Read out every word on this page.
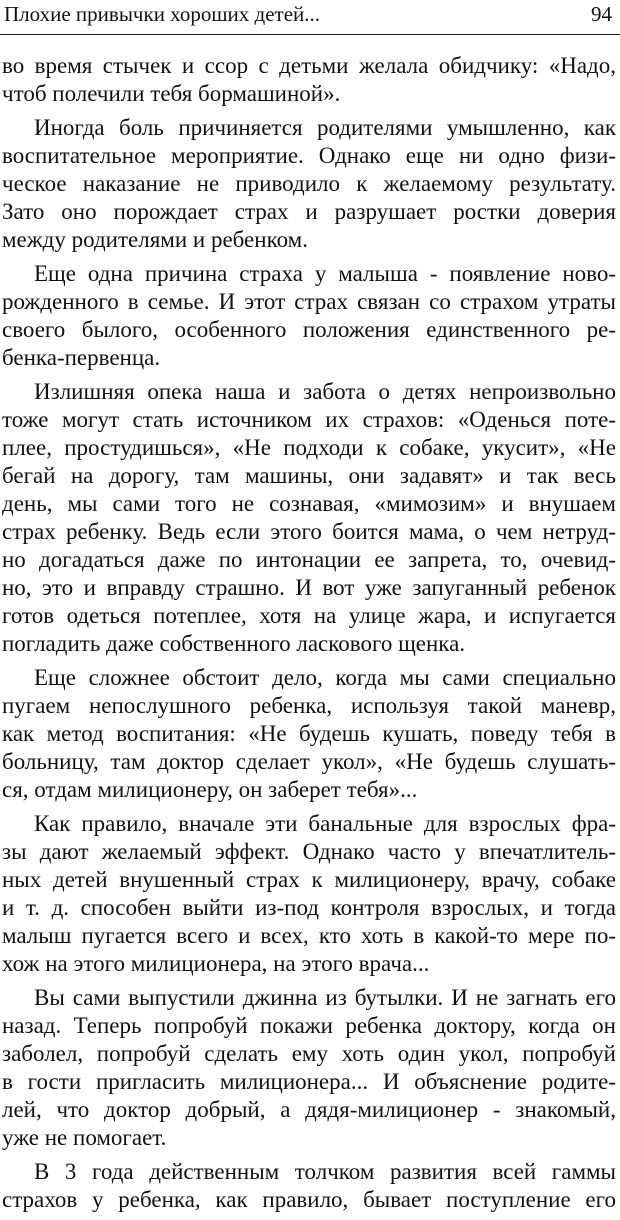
Плохие привычки хороших детей...	94
во время стычек и ссор с детьми желала обидчику: «Надо,
чтоб полечили тебя бормашиной».
Иногда боль причиняется родителями умышленно, как
воспитательное мероприятие. Однако еще ни одно физи-
ческое наказание не приводило к желаемому результату.
Зато оно порождает страх и разрушает ростки доверия
между родителями и ребенком.
Еще одна причина страха у малыша - появление ново-
рожденного в семье. И этот страх связан со страхом утраты
своего былого, особенного положения единственного ре-
бенка-первенца.
Излишняя опека наша и забота о детях непроизвольно
тоже могут стать источником их страхов: «Оденься поте-
плее, простудишься», «Не подходи к собаке, укусит», «Не
бегай на дорогу, там машины, они задавят» и так весь
день, мы сами того не сознавая, «мимозим» и внушаем
страх ребенку. Ведь если этого боится мама, о чем нетруд-
но догадаться даже по интонации ее запрета, то, очевид-
но, это и вправду страшно. И вот уже запуганный ребенок
готов одеться потеплее, хотя на улице жара, и испугается
погладить даже собственного ласкового щенка.
Еще сложнее обстоит дело, когда мы сами специально
пугаем непослушного ребенка, используя такой маневр,
как метод воспитания: «Не будешь кушать, поведу тебя в
больницу, там доктор сделает укол», «Не будешь слушать-
ся, отдам милиционеру, он заберет тебя»...
Как правило, вначале эти банальные для взрослых фра-
зы дают желаемый эффект. Однако часто у впечатлитель-
ных детей внушенный страх к милиционеру, врачу, собаке
и т. д. способен выйти из-под контроля взрослых, и тогда
малыш пугается всего и всех, кто хоть в какой-то мере по-
хож на этого милиционера, на этого врача...
Вы сами выпустили джинна из бутылки. И не загнать его
назад. Теперь попробуй покажи ребенка доктору, когда он
заболел, попробуй сделать ему хоть один укол, попробуй
в гости пригласить милиционера... И объяснение родите-
лей, что доктор добрый, а дядя-милиционер - знакомый,
уже не помогает.
В 3 года действенным толчком развития всей гаммы
страхов у ребенка, как правило, бывает поступление его
